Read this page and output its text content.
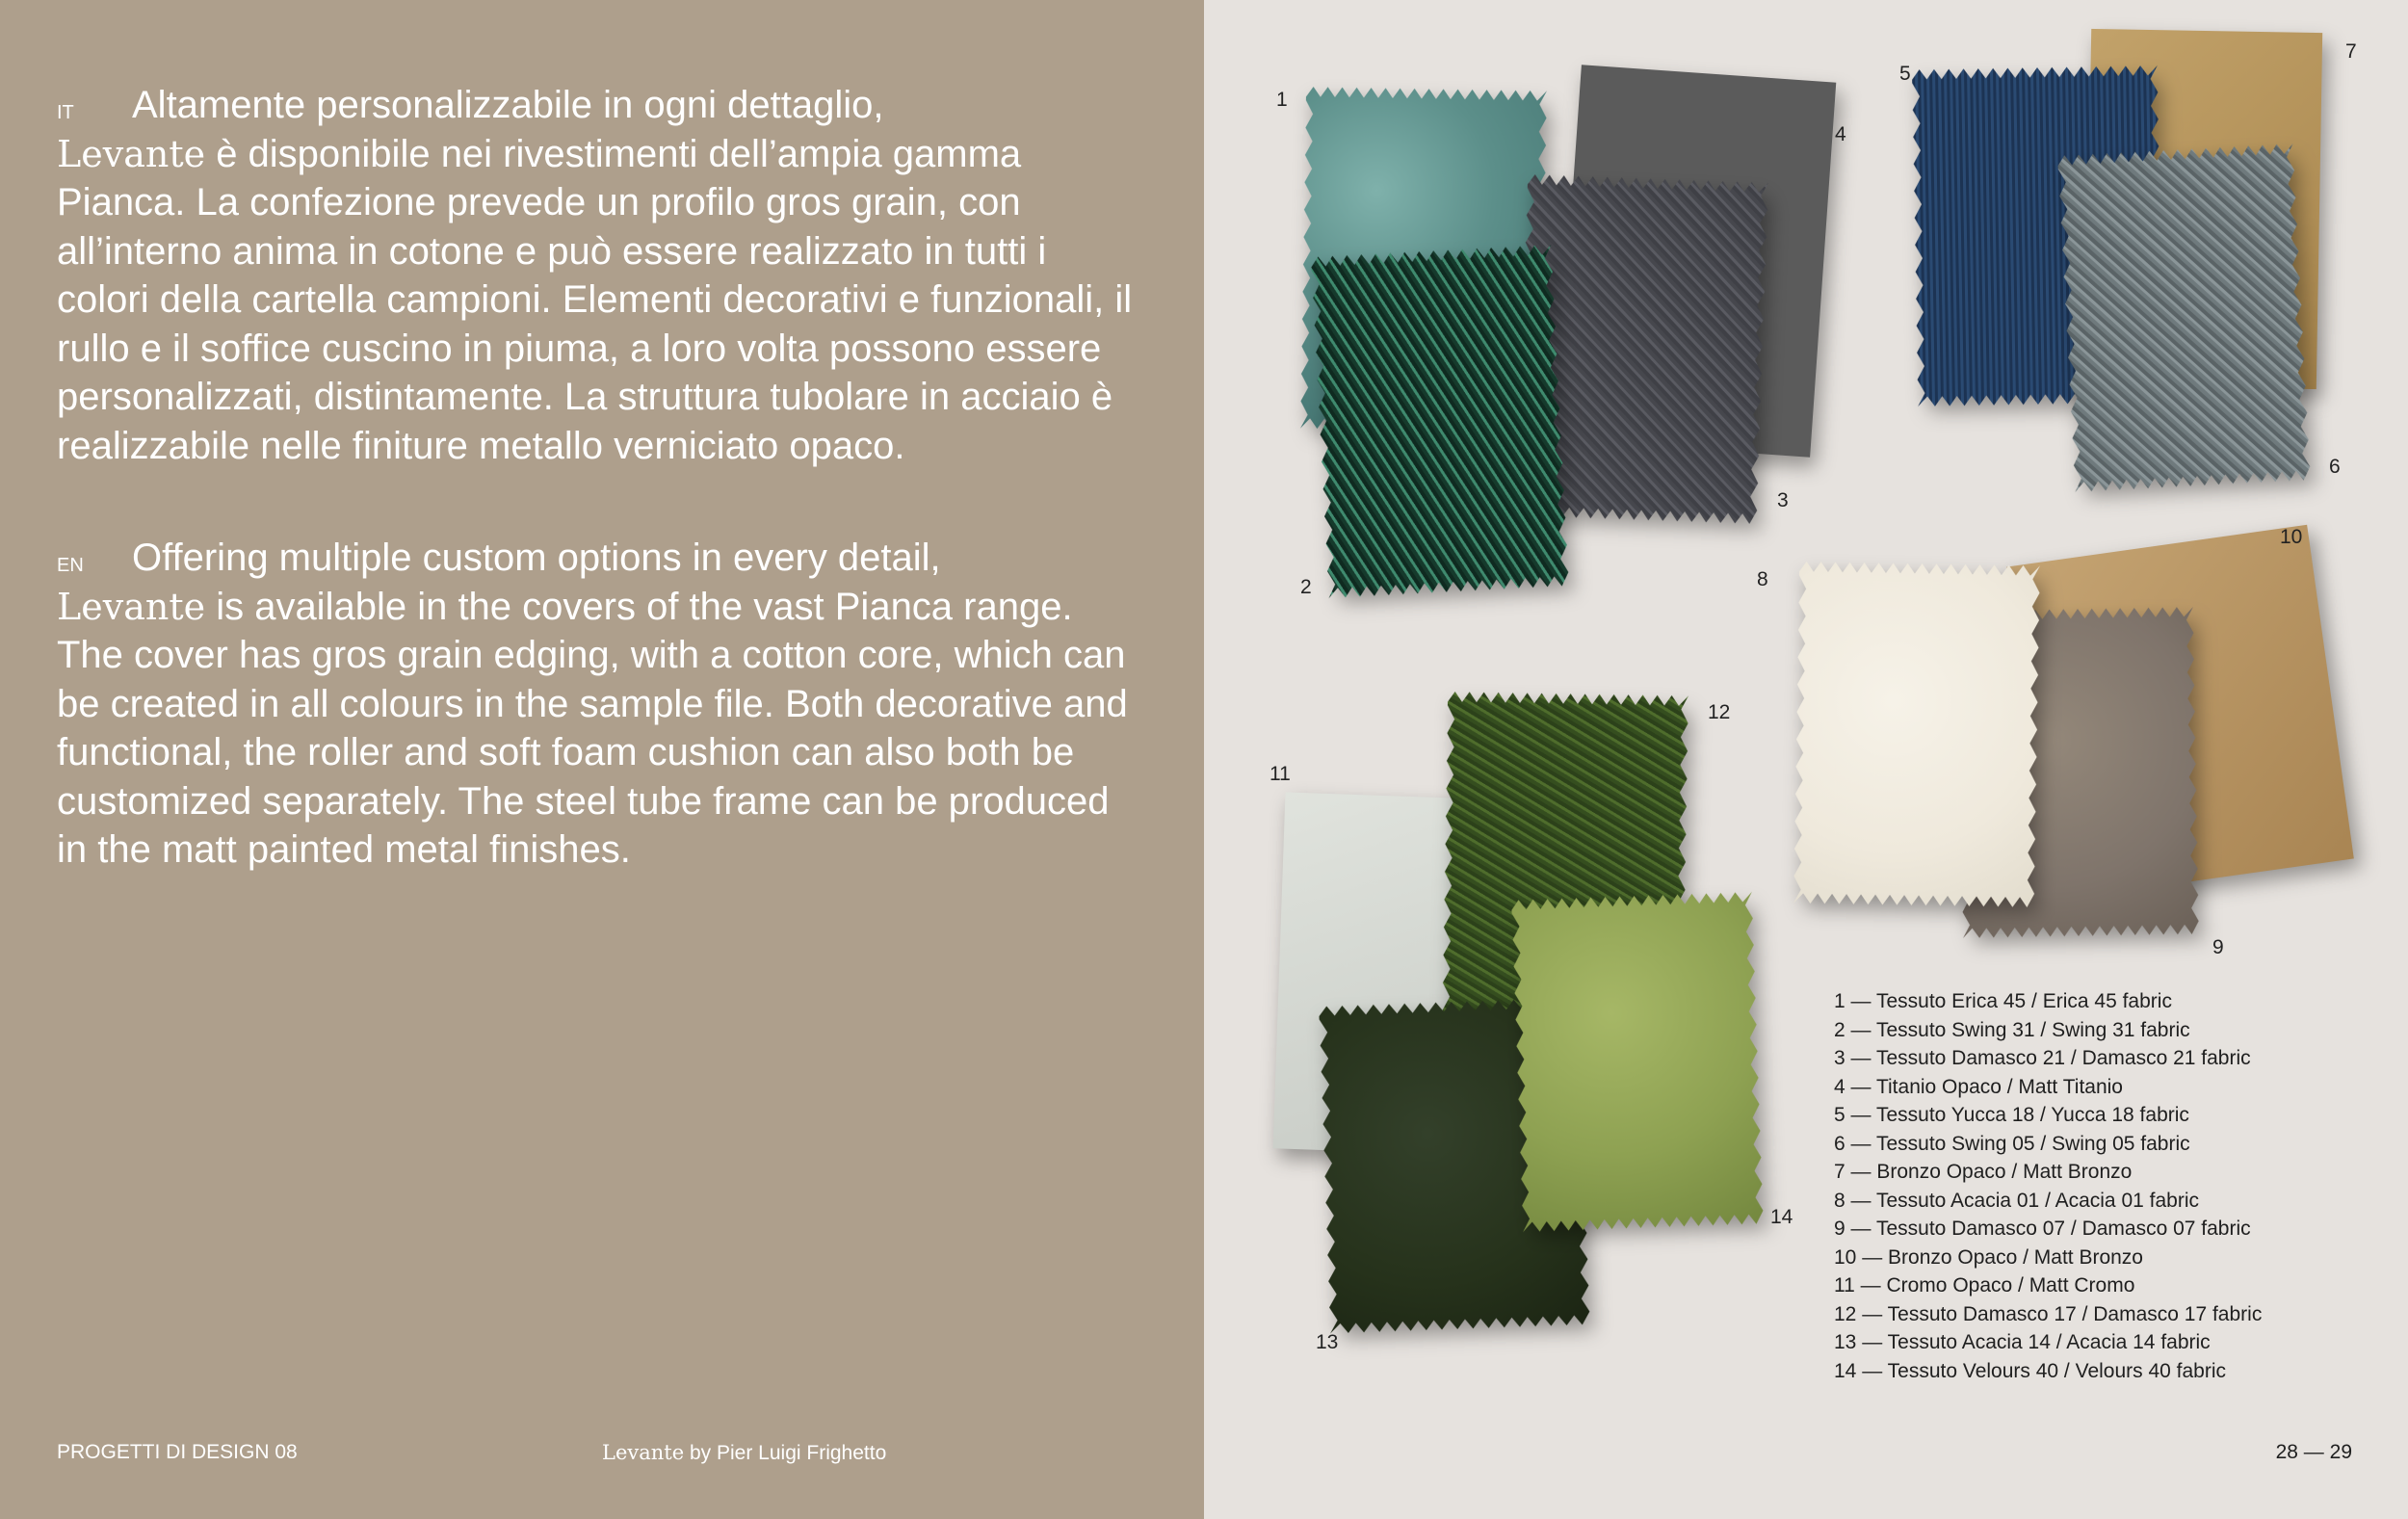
IT Altamente personalizzabile in ogni dettaglio,
Levante è disponibile nei rivestimenti dell’ampia gamma Pianca. La confezione prevede un profilo gros grain, con all’interno anima in cotone e può essere realizzato in tutti i colori della cartella campioni. Elementi decorativi e funzionali, il rullo e il soffice cuscino in piuma, a loro volta possono essere personalizzati, distintamente. La struttura tubolare in acciaio è realizzabile nelle finiture metallo verniciato opaco.
EN Offering multiple custom options in every detail,
Levante is available in the covers of the vast Pianca range. The cover has gros grain edging, with a cotton core, which can be created in all colours in the sample file. Both decorative and functional, the roller and soft foam cushion can also both be customized separately. The steel tube frame can be produced in the matt painted metal finishes.
PROGETTI DI DESIGN 08	Levante by Pier Luigi Frighetto
1
2
3
4
5
6
7
8
9
10
11
12
13
14
1 — Tessuto Erica 45 / Erica 45 fabric
2 — Tessuto Swing 31 / Swing 31 fabric
3 — Tessuto Damasco 21 / Damasco 21 fabric
4 — Titanio Opaco / Matt Titanio
5 — Tessuto Yucca 18 / Yucca 18 fabric
6 — Tessuto Swing 05 / Swing 05 fabric
7 — Bronzo Opaco / Matt Bronzo
8 — Tessuto Acacia 01 / Acacia 01 fabric
9 — Tessuto Damasco 07 / Damasco 07 fabric
10 — Bronzo Opaco / Matt Bronzo
11 — Cromo Opaco / Matt Cromo
12 — Tessuto Damasco 17 / Damasco 17 fabric
13 — Tessuto Acacia 14 / Acacia 14 fabric
14 — Tessuto Velours 40 / Velours 40 fabric
28 — 29
